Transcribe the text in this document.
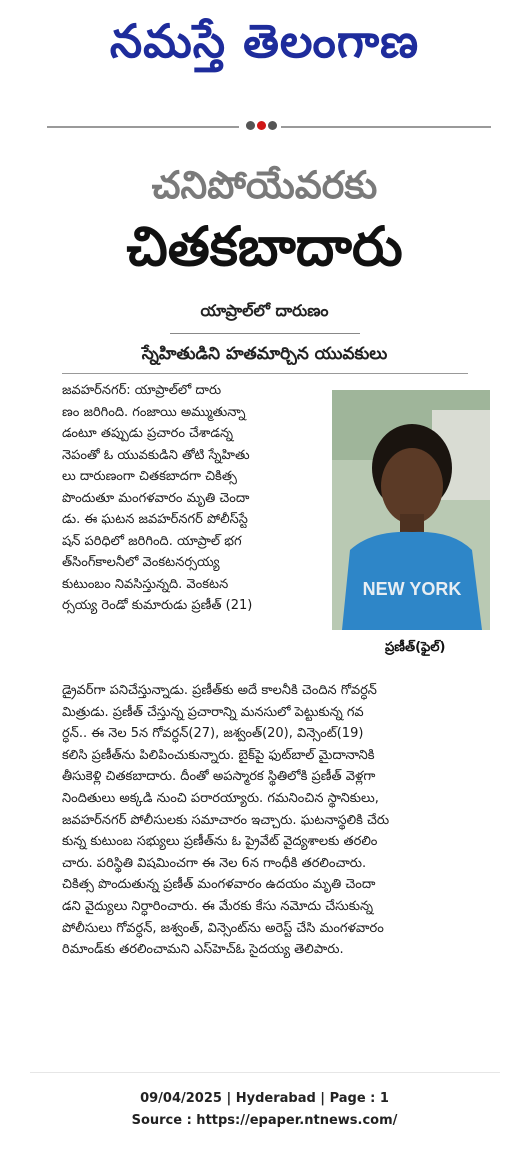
నమస్తే తెలంగాణ
చనిపోయేవరకు
చితకబాదారు
యాప్రాల్‌లో దారుణం
స్నేహితుడిని హతమార్చిన యువకులు
జవహర్‌నగర్: యాప్రాల్‌లో దారు
ణం జరిగింది. గంజాయి అమ్ముతున్నా
డంటూ తప్పుడు ప్రచారం చేశాడన్న
నెపంతో ఓ యువకుడిని తోటి స్నేహితు
లు దారుణంగా చితకబాదగా చికిత్స
పొందుతూ మంగళవారం మృతి చెందా
డు. ఈ ఘటన జవహర్‌నగర్ పోలీస్‌స్టే
షన్ పరిధిలో జరిగింది. యాప్రాల్ భగ
త్‌సింగ్‌కాలనీలో వెంకటనర్సయ్య
కుటుంబం నివసిస్తున్నది. వెంకటన
ర్సయ్య రెండో కుమారుడు ప్రణీత్ (21)
NEW YORK
ప్రణీత్(ఫైల్)
డ్రైవర్‌గా పనిచేస్తున్నాడు. ప్రణీత్‌కు అదే కాలనీకి చెందిన గోవర్ధన్
మిత్రుడు. ప్రణీత్ చేస్తున్న ప్రచారాన్ని మనసులో పెట్టుకున్న గవ
ర్ధన్.. ఈ నెల 5న గోవర్ధన్(27), జశ్వంత్(20), విన్సెంట్(19)
కలిసి ప్రణీత్‌ను పిలిపించుకున్నారు. బైక్‌పై ఫుట్‌బాల్ మైదానానికి
తీసుకెళ్లి చితకబాదారు. దీంతో అపస్మారక స్థితిలోకి ప్రణీత్ వెళ్లగా
నిందితులు అక్కడి నుంచి పరారయ్యారు. గమనించిన స్థానికులు,
జవహర్‌నగర్ పోలీసులకు సమాచారం ఇచ్చారు. ఘటనాస్థలికి చేరు
కున్న కుటుంబ సభ్యులు ప్రణీత్‌ను ఓ ప్రైవేట్ వైద్యశాలకు తరలిం
చారు. పరిస్థితి విషమించగా ఈ నెల 6న గాంధీకి తరలించారు.
చికిత్స పొందుతున్న ప్రణీత్ మంగళవారం ఉదయం మృతి చెందా
డని వైద్యులు నిర్ధారించారు. ఈ మేరకు కేసు నమోదు చేసుకున్న
పోలీసులు గోవర్ధన్, జశ్వంత్, విన్సెంట్‌ను అరెస్ట్ చేసి మంగళవారం
రిమాండ్‌కు తరలించామని ఎస్‌హెచ్‌ఓ సైదయ్య తెలిపారు.
09/04/2025 | Hyderabad | Page : 1
Source : https://epaper.ntnews.com/
